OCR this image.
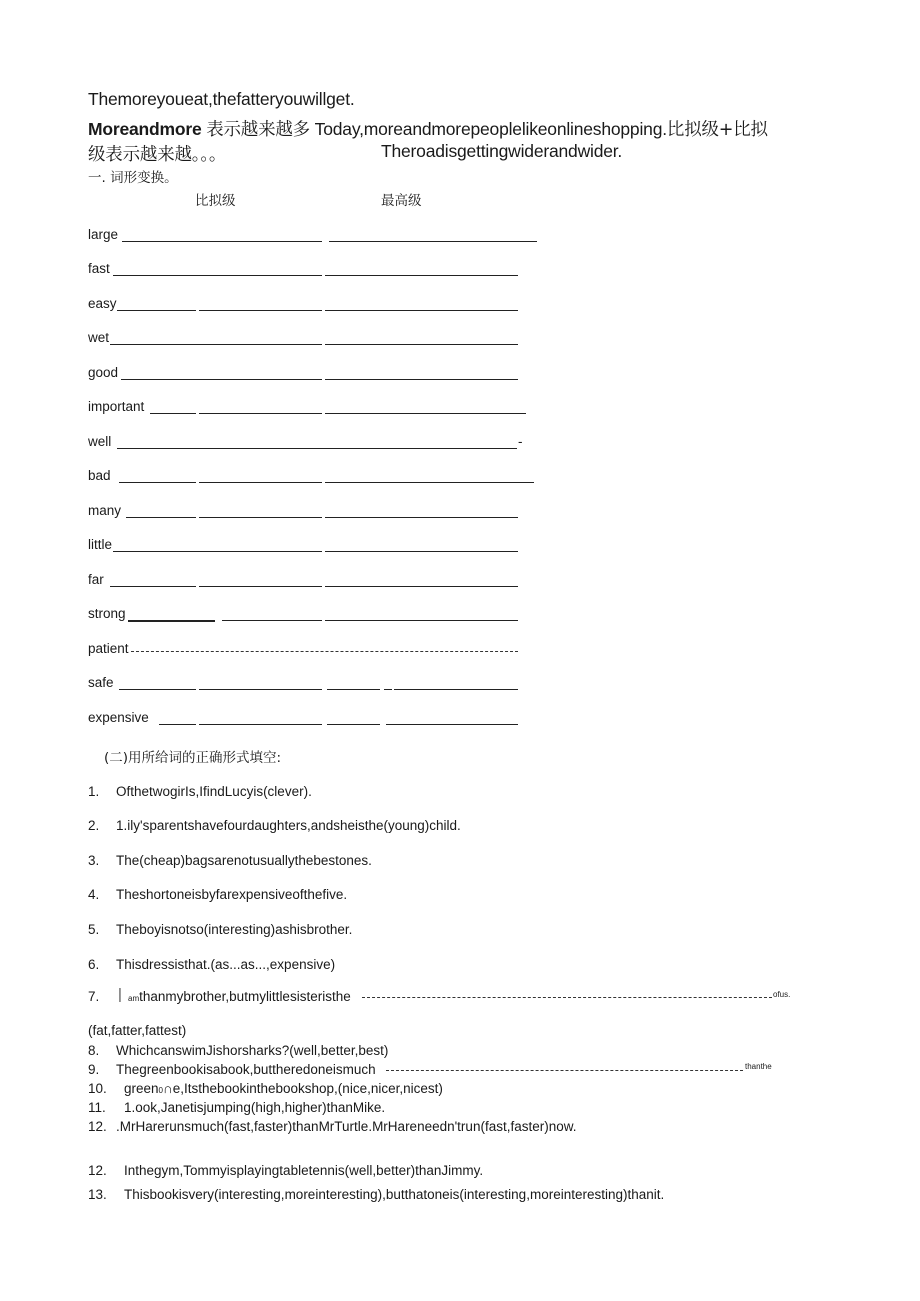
Themoreyoueat,thefatteryouwillget.
Moreandmore 表示越来越多 Today,moreandmorepeoplelikeonlineshopping.比拟级+比拟
级表示越来越。。。	Theroadisgettingwiderandwider.
一. 词形变换。
比拟级	最高级
large
fast
easy
wet
good
important
well	-
bad
many
little
far
strong
patient
safe
expensive
(二)用所给词的正确形式填空:
1. OfthetwogirIs,IfindLucyis(clever).
2. 1.ily'sparentshavefourdaughters,andsheisthe(young)child.
3. The(cheap)bagsarenotusuallythebestones.
4. Theshortoneisbyfarexpensiveofthefive.
5. Theboyisnotso(interesting)ashisbrother.
6. Thisdressisthat.(as...as...,expensive)
7. | amthanmybrother,butmylittlesisteristhe	ofus.
(fat,fatter,fattest)
8. WhichcanswimJishorsharks?(well,better,best)
9. Thegreenbookisabook,buttheredoneismuch	thanthe
10. green0∩e,Itsthebookinthebookshop,(nice,nicer,nicest)
11. 1.ook,Janetisjumping(high,higher)thanMike.
12. .MrHarerunsmuch(fast,faster)thanMrTurtle.MrHareneedn'trun(fast,faster)now.
12. Inthegym,Tommyisplayingtabletennis(well,better)thanJimmy.
13. Thisbookisvery(interesting,moreinteresting),butthatoneis(interesting,moreinteresting)thanit.
